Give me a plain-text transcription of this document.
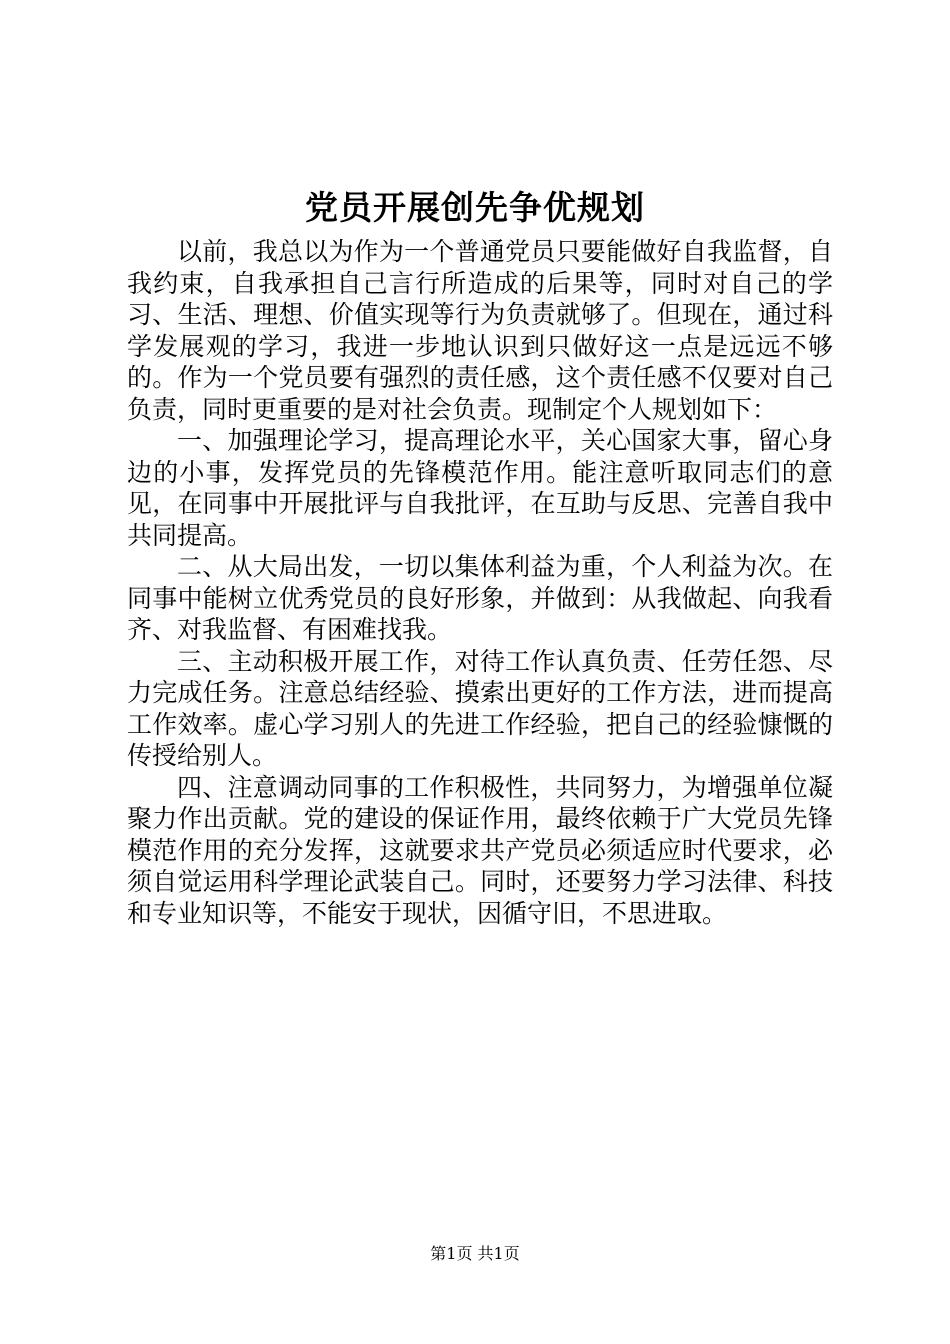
党员开展创先争优规划

以前，我总以为作为一个普通党员只要能做好自我监督，自我约束，自我承担自己言行所造成的后果等，同时对自己的学习、生活、理想、价值实现等行为负责就够了。但现在，通过科学发展观的学习，我进一步地认识到只做好这一点是远远不够的。作为一个党员要有强烈的责任感，这个责任感不仅要对自己负责，同时更重要的是对社会负责。现制定个人规划如下：

一、加强理论学习，提高理论水平，关心国家大事，留心身边的小事，发挥党员的先锋模范作用。能注意听取同志们的意见，在同事中开展批评与自我批评，在互助与反思、完善自我中共同提高。

二、从大局出发，一切以集体利益为重，个人利益为次。在同事中能树立优秀党员的良好形象，并做到：从我做起、向我看齐、对我监督、有困难找我。

三、主动积极开展工作，对待工作认真负责、任劳任怨、尽力完成任务。注意总结经验、摸索出更好的工作方法，进而提高工作效率。虚心学习别人的先进工作经验，把自己的经验慷慨的传授给别人。

四、注意调动同事的工作积极性，共同努力，为增强单位凝聚力作出贡献。党的建设的保证作用，最终依赖于广大党员先锋模范作用的充分发挥，这就要求共产党员必须适应时代要求，必须自觉运用科学理论武装自己。同时，还要努力学习法律、科技和专业知识等，不能安于现状，因循守旧，不思进取。

第1页 共1页
